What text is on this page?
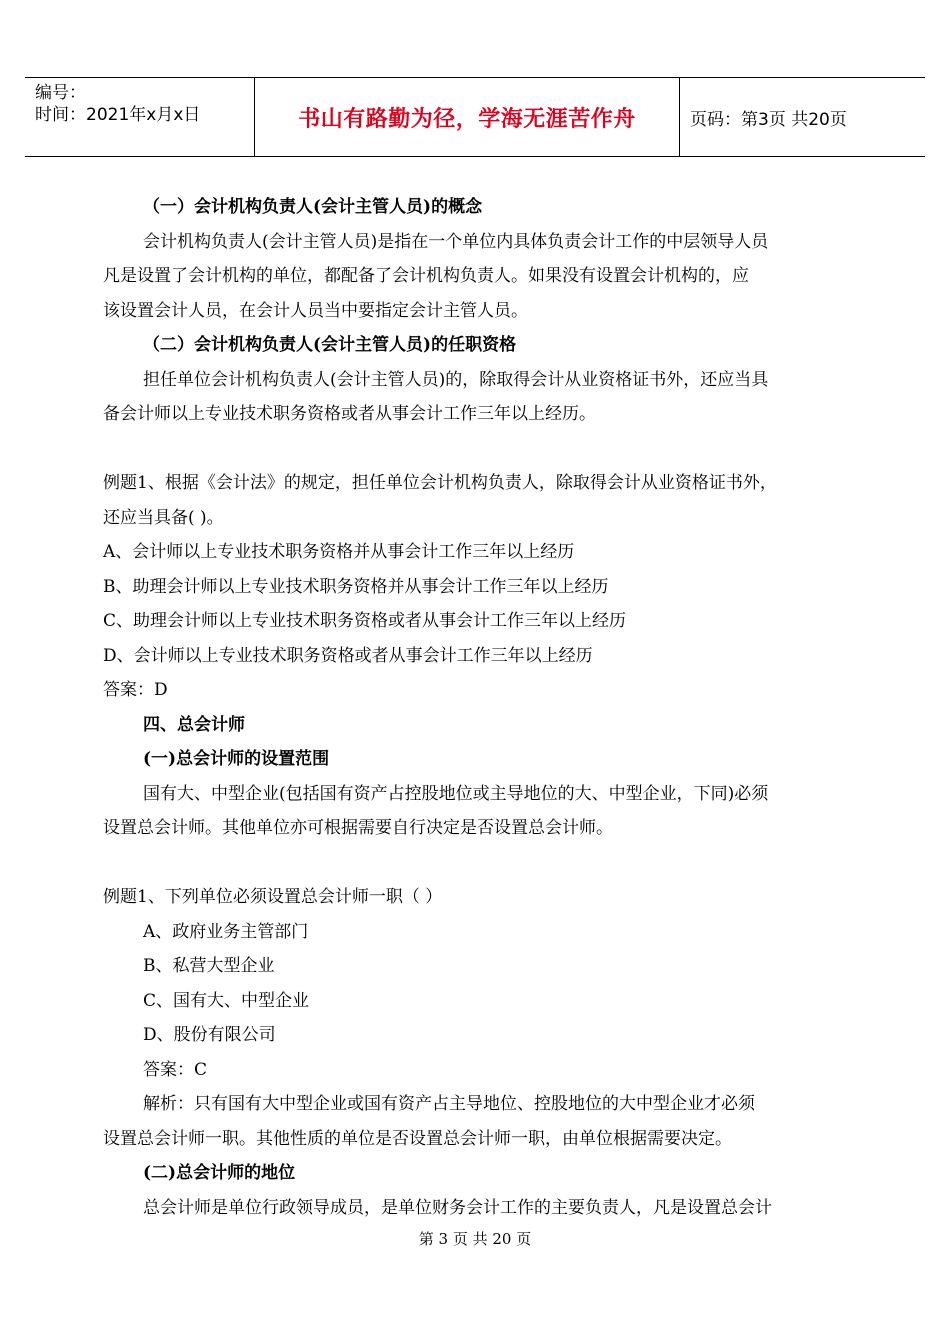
编号：
时间：2021年x月x日	书山有路勤为径，学海无涯苦作舟	页码：第3页 共20页
（一）会计机构负责人(会计主管人员)的概念
会计机构负责人(会计主管人员)是指在一个单位内具体负责会计工作的中层领导人员
凡是设置了会计机构的单位，都配备了会计机构负责人。如果没有设置会计机构的，应
该设置会计人员，在会计人员当中要指定会计主管人员。
（二）会计机构负责人(会计主管人员)的任职资格
担任单位会计机构负责人(会计主管人员)的，除取得会计从业资格证书外，还应当具
备会计师以上专业技术职务资格或者从事会计工作三年以上经历。
例题1、根据《会计法》的规定，担任单位会计机构负责人，除取得会计从业资格证书外，
还应当具备( )。
A、会计师以上专业技术职务资格并从事会计工作三年以上经历
B、助理会计师以上专业技术职务资格并从事会计工作三年以上经历
C、助理会计师以上专业技术职务资格或者从事会计工作三年以上经历
D、会计师以上专业技术职务资格或者从事会计工作三年以上经历
答案：D
四、总会计师
(一)总会计师的设置范围
国有大、中型企业(包括国有资产占控股地位或主导地位的大、中型企业，下同)必须
设置总会计师。其他单位亦可根据需要自行决定是否设置总会计师。
例题1、下列单位必须设置总会计师一职（ ）
A、政府业务主管部门
B、私营大型企业
C、国有大、中型企业
D、股份有限公司
答案：C
解析：只有国有大中型企业或国有资产占主导地位、控股地位的大中型企业才必须
设置总会计师一职。其他性质的单位是否设置总会计师一职，由单位根据需要决定。
(二)总会计师的地位
总会计师是单位行政领导成员，是单位财务会计工作的主要负责人，凡是设置总会计
第 3 页 共 20 页
